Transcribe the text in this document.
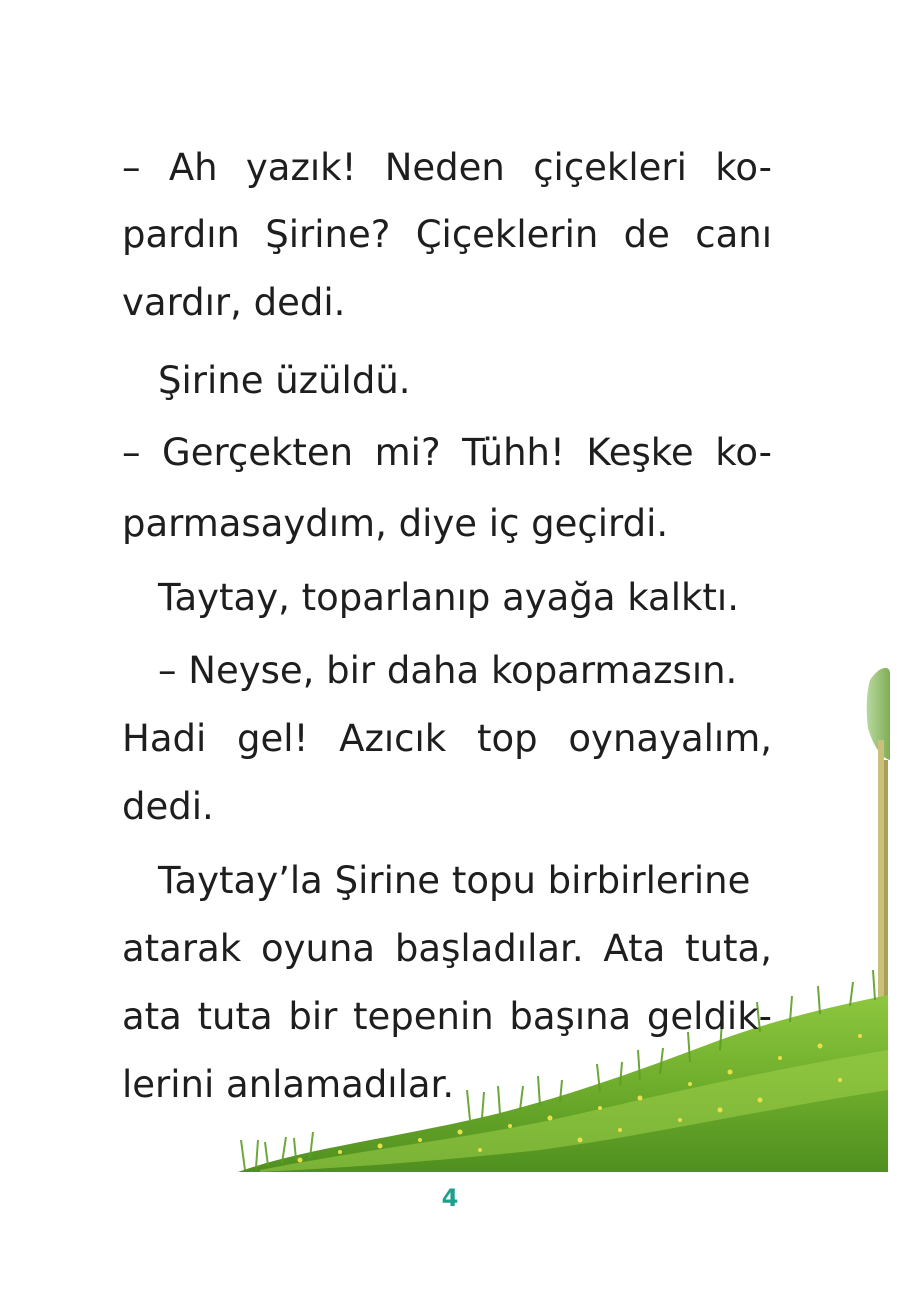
– Ah yazık! Neden çiçekleri ko-

pardın Şirine? Çiçeklerin de canı

vardır, dedi.

Şirine üzüldü.

– Gerçekten mi? Tühh! Keşke ko-

parmasaydım, diye iç geçirdi.

Taytay, toparlanıp ayağa kalktı.

– Neyse, bir daha koparmazsın.

Hadi gel! Azıcık top oynayalım,

dedi.

Taytay’la Şirine topu birbirlerine

atarak oyuna başladılar. Ata tuta,

ata tuta bir tepenin başına geldik-

lerini anlamadılar.

4
